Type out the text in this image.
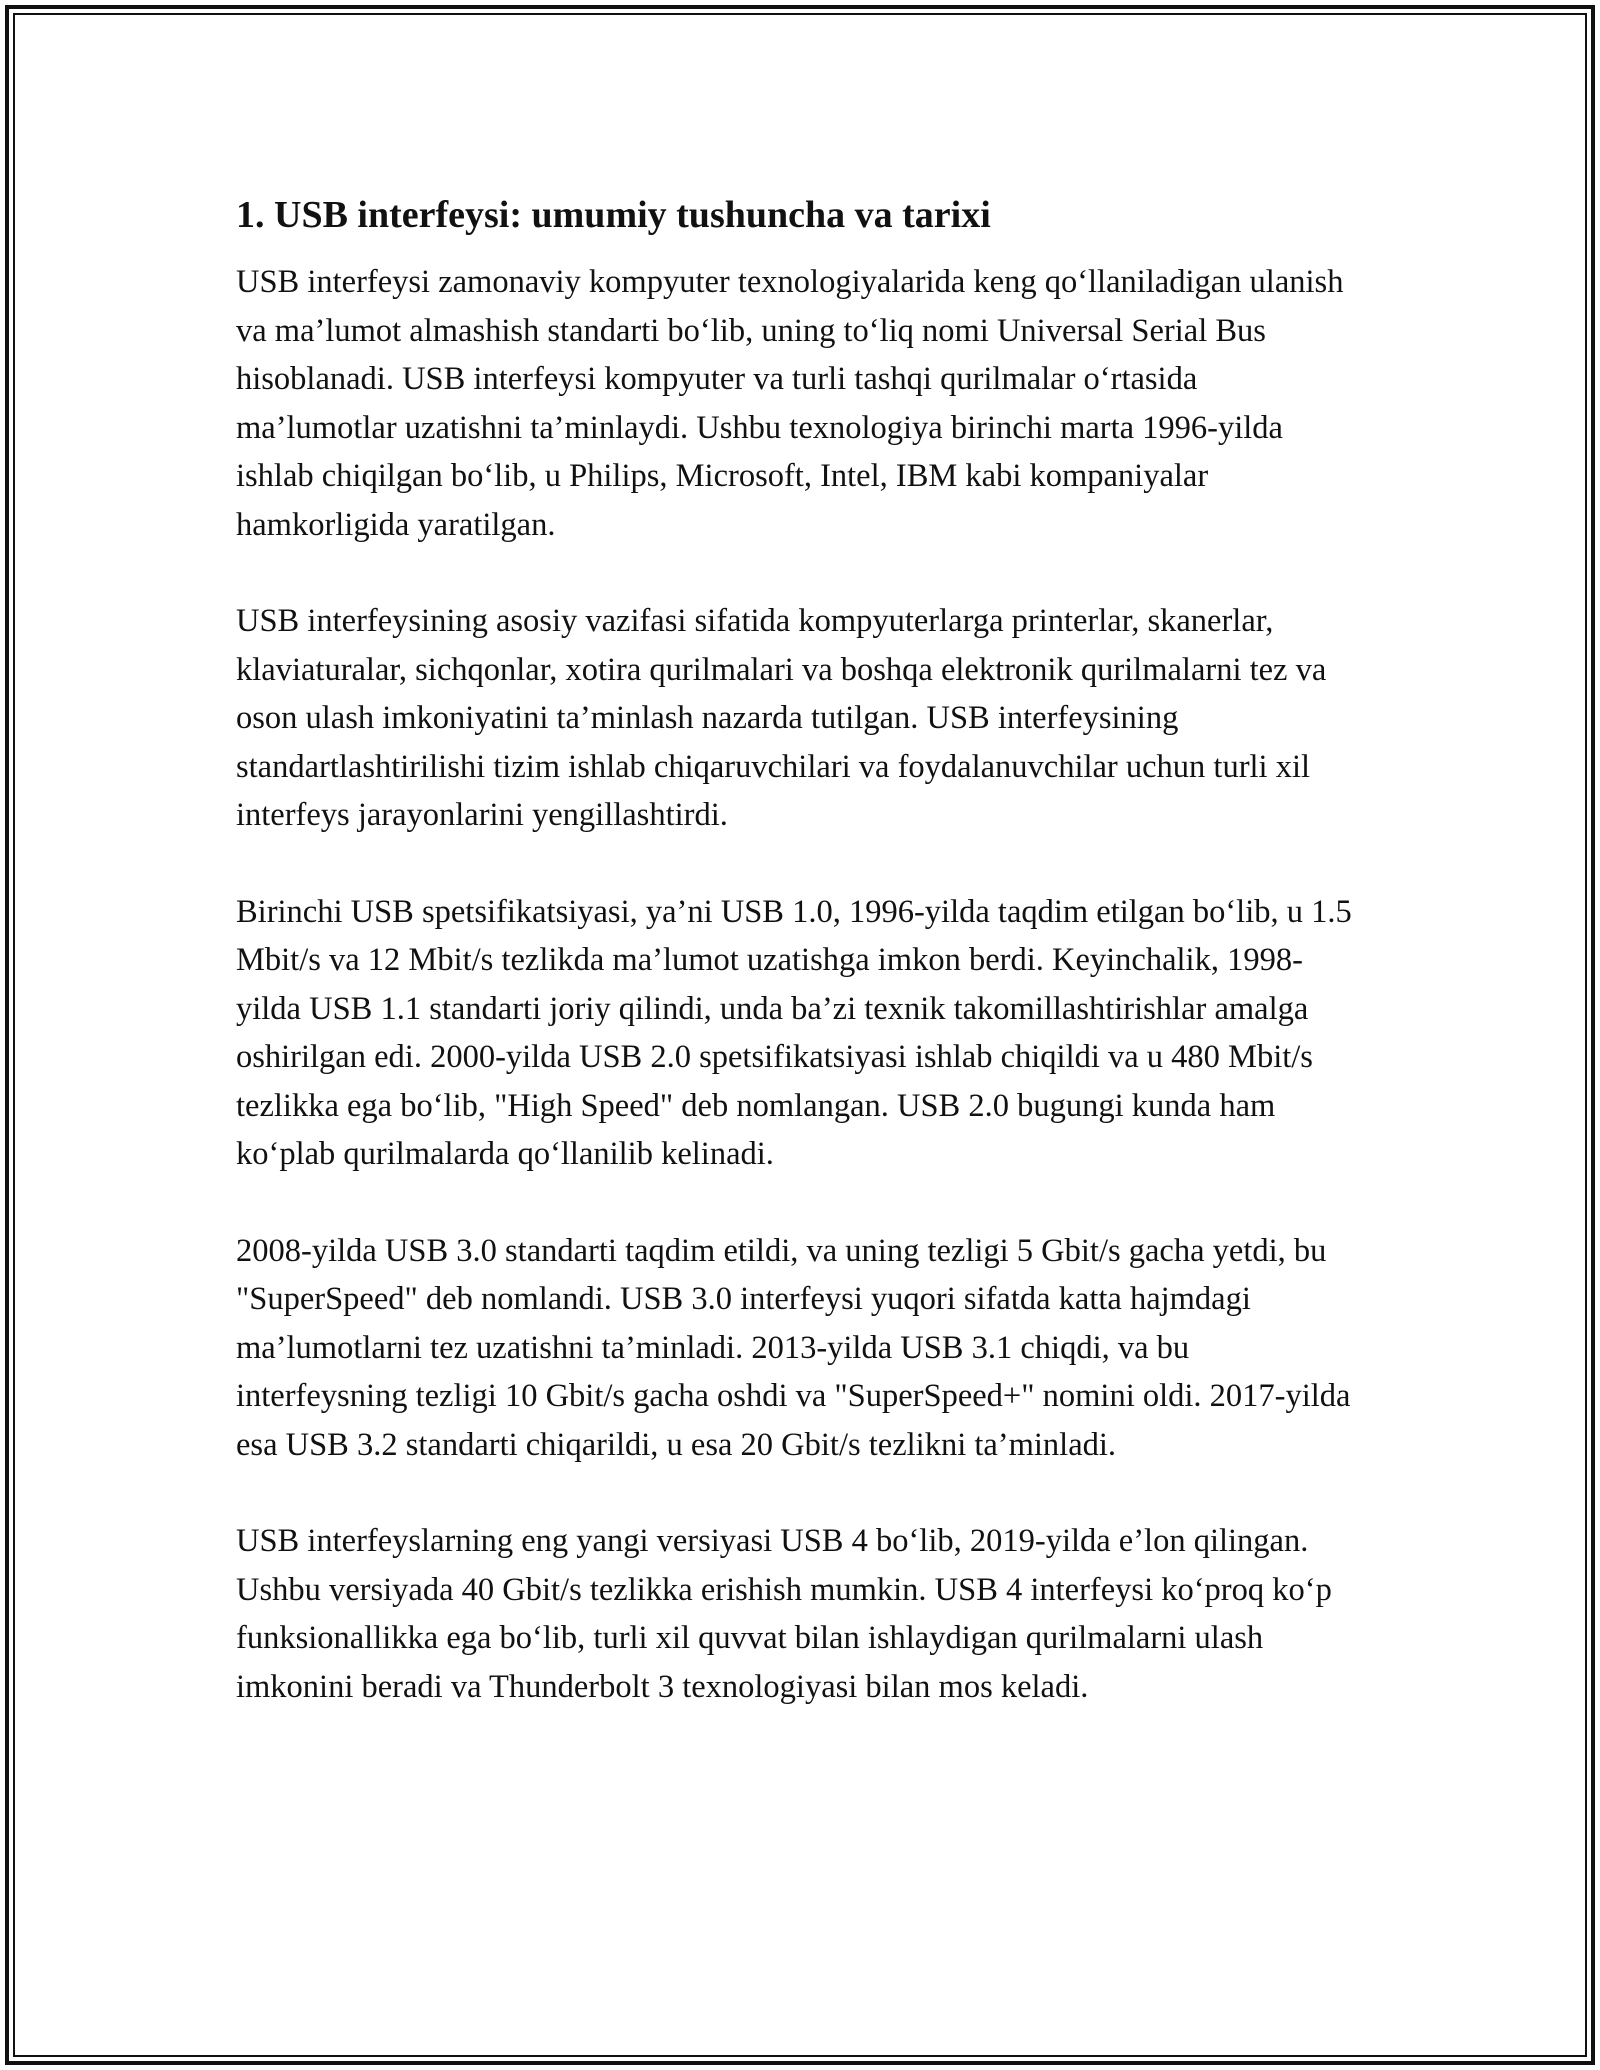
1. USB interfeysi: umumiy tushuncha va tarixi

USB interfeysi zamonaviy kompyuter texnologiyalarida keng qo‘llaniladigan ulanish va ma’lumot almashish standarti bo‘lib, uning to‘liq nomi Universal Serial Bus hisoblanadi. USB interfeysi kompyuter va turli tashqi qurilmalar o‘rtasida ma’lumotlar uzatishni ta’minlaydi. Ushbu texnologiya birinchi marta 1996-yilda ishlab chiqilgan bo‘lib, u Philips, Microsoft, Intel, IBM kabi kompaniyalar hamkorligida yaratilgan.

USB interfeysining asosiy vazifasi sifatida kompyuterlarga printerlar, skanerlar, klaviaturalar, sichqonlar, xotira qurilmalari va boshqa elektronik qurilmalarni tez va oson ulash imkoniyatini ta’minlash nazarda tutilgan. USB interfeysining standartlashtirilishi tizim ishlab chiqaruvchilari va foydalanuvchilar uchun turli xil interfeys jarayonlarini yengillashtirdi.

Birinchi USB spetsifikatsiyasi, ya’ni USB 1.0, 1996-yilda taqdim etilgan bo‘lib, u 1.5 Mbit/s va 12 Mbit/s tezlikda ma’lumot uzatishga imkon berdi. Keyinchalik, 1998-yilda USB 1.1 standarti joriy qilindi, unda ba’zi texnik takomillashtirishlar amalga oshirilgan edi. 2000-yilda USB 2.0 spetsifikatsiyasi ishlab chiqildi va u 480 Mbit/s tezlikka ega bo‘lib, "High Speed" deb nomlangan. USB 2.0 bugungi kunda ham ko‘plab qurilmalarda qo‘llanilib kelinadi.

2008-yilda USB 3.0 standarti taqdim etildi, va uning tezligi 5 Gbit/s gacha yetdi, bu "SuperSpeed" deb nomlandi. USB 3.0 interfeysi yuqori sifatda katta hajmdagi ma’lumotlarni tez uzatishni ta’minladi. 2013-yilda USB 3.1 chiqdi, va bu interfeysning tezligi 10 Gbit/s gacha oshdi va "SuperSpeed+" nomini oldi. 2017-yilda esa USB 3.2 standarti chiqarildi, u esa 20 Gbit/s tezlikni ta’minladi.

USB interfeyslarning eng yangi versiyasi USB 4 bo‘lib, 2019-yilda e’lon qilingan. Ushbu versiyada 40 Gbit/s tezlikka erishish mumkin. USB 4 interfeysi ko‘proq ko‘p funksionallikka ega bo‘lib, turli xil quvvat bilan ishlaydigan qurilmalarni ulash imkonini beradi va Thunderbolt 3 texnologiyasi bilan mos keladi.
